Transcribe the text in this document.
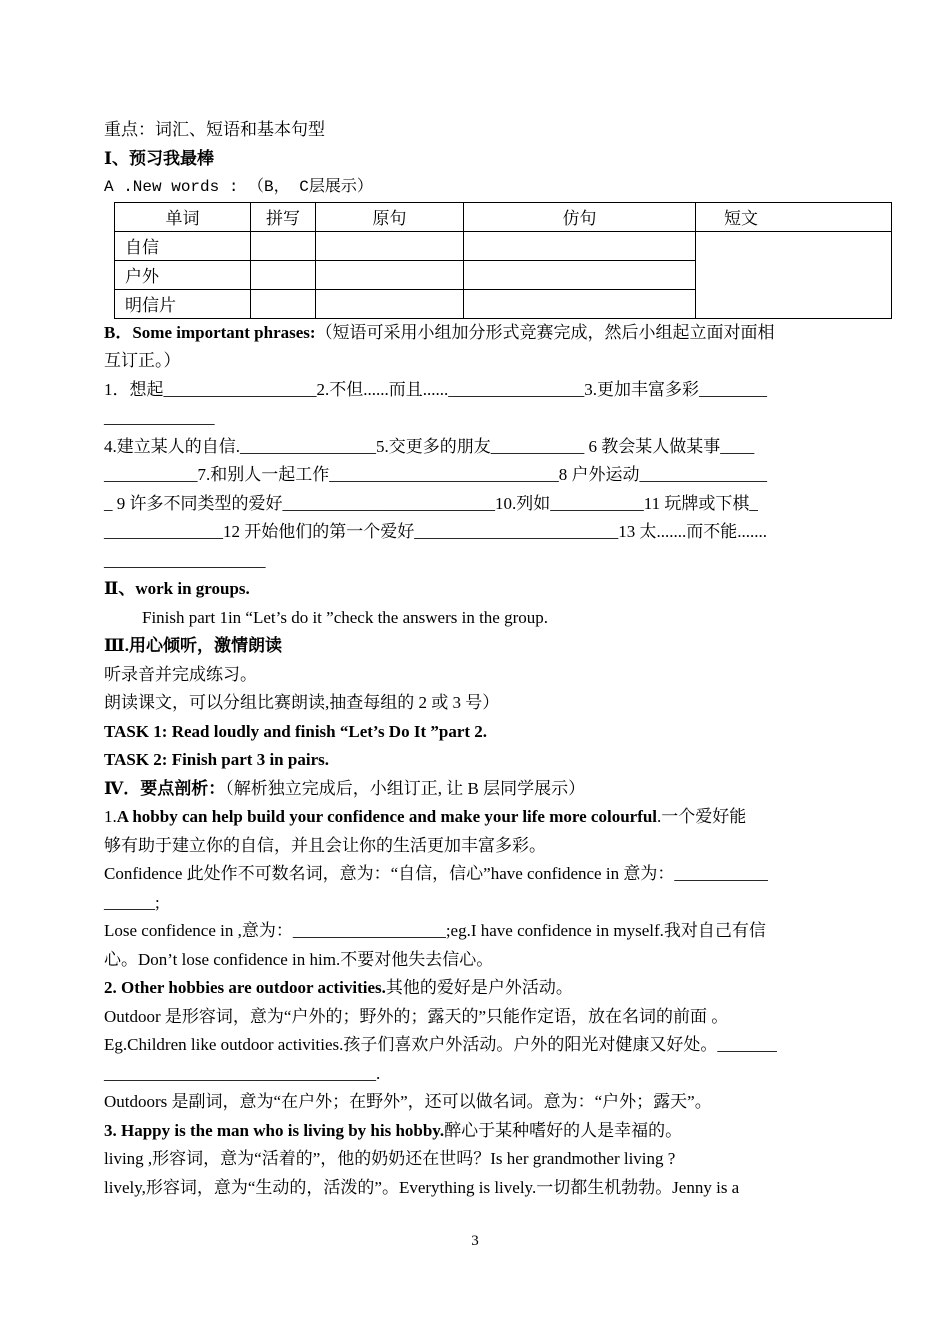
重点：词汇、短语和基本句型
Ⅰ、预习我最棒
A .New words : （B， C层展示）
单词	拼写	原句	仿句	短文
自信				
户外				
明信片				
B．Some important phrases:（短语可采用小组加分形式竞赛完成，然后小组起立面对面相
互订正。）
1．想起__________________2.不但......而且......________________3.更加丰富多彩________
_____________
4.建立某人的自信.________________5.交更多的朋友___________ 6 教会某人做某事____
___________7.和别人一起工作___________________________8 户外运动_______________
_ 9 许多不同类型的爱好_________________________10.列如___________11 玩牌或下棋_
______________12 开始他们的第一个爱好________________________13 太.......而不能.......
___________________
Ⅱ、work in groups.
Finish part 1in “Let’s do it ”check the answers in the group.
Ⅲ.用心倾听，激情朗读
听录音并完成练习。
朗读课文，可以分组比赛朗读,抽查每组的 2 或 3 号）
TASK 1: Read loudly and finish “Let’s Do It ”part 2.
TASK 2: Finish part 3 in pairs.
Ⅳ．要点剖析：（解析独立完成后，小组订正, 让 B 层同学展示）
1.A hobby can help build your confidence and make your life more colourful.一个爱好能
够有助于建立你的自信，并且会让你的生活更加丰富多彩。
Confidence 此处作不可数名词，意为：“自信，信心”have confidence in 意为：___________
______;
Lose confidence in ,意为：__________________;eg.I have confidence in myself.我对自己有信
心。Don’t lose confidence in him.不要对他失去信心。
2. Other hobbies are outdoor activities.其他的爱好是户外活动。
Outdoor 是形容词，意为“户外的；野外的；露天的”只能作定语，放在名词的前面 。
Eg.Children like outdoor activities.孩子们喜欢户外活动。户外的阳光对健康又好处。_______
________________________________.
Outdoors 是副词，意为“在户外；在野外”，还可以做名词。意为：“户外；露天”。
3. Happy is the man who is living by his hobby.醉心于某种嗜好的人是幸福的。
living ,形容词，意为“活着的”，他的奶奶还在世吗？Is her grandmother living ?
lively,形容词，意为“生动的，活泼的”。Everything is lively.一切都生机勃勃。Jenny is a
3
